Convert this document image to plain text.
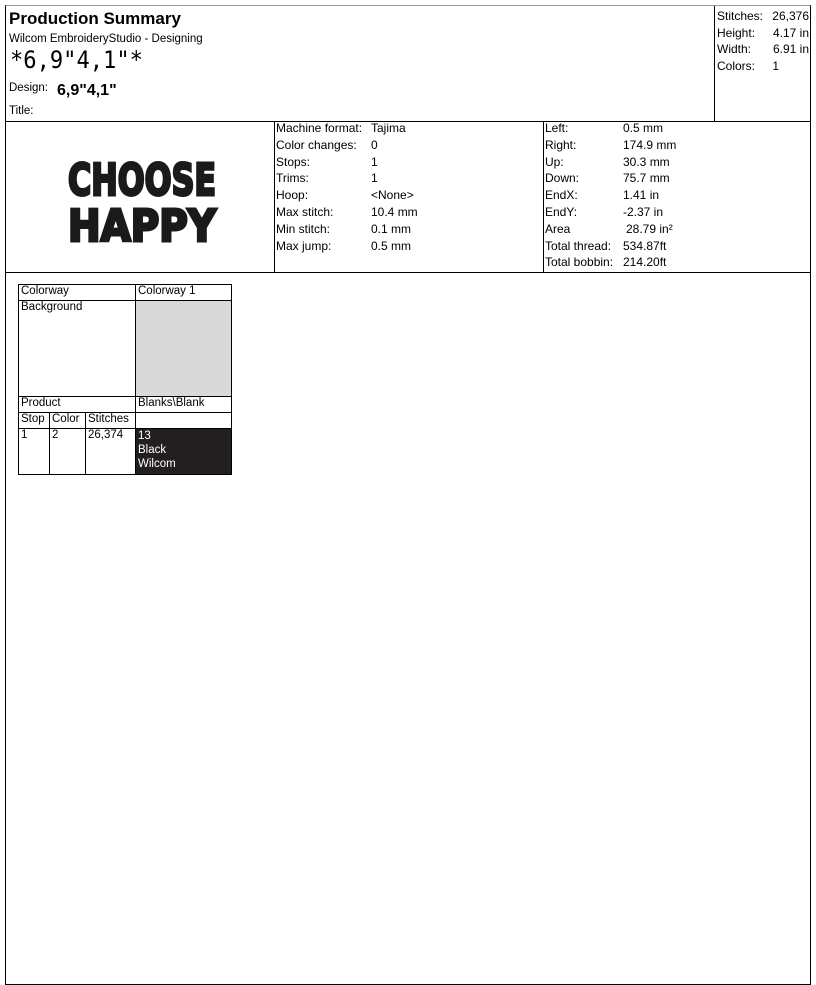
Production Summary
Wilcom EmbroideryStudio - Designing
*6,9"4,1"*
Design: 6,9"4,1"
Title:
Stitches: 26,376
Height: 4.17 in
Width: 6.91 in
Colors: 1
CHOOSE
HAPPY
Machine format: Tajima
Color changes:	0
Stops:	1
Trims:	1
Hoop:	<None>
Max stitch:	10.4 mm
Min stitch:	0.1 mm
Max jump:	0.5 mm
Left:	0.5 mm
Right:	174.9 mm
Up:	30.3 mm
Down:	75.7 mm
EndX:	1.41 in
EndY:	-2.37 in
Area	28.79 in²
Total thread: 534.87ft
Total bobbin: 214.20ft
Colorway			Colorway 1
Background			
Product			Blanks\Blank
Stop	Color	Stitches	
1	2	26,374	13
Black
Wilcom
